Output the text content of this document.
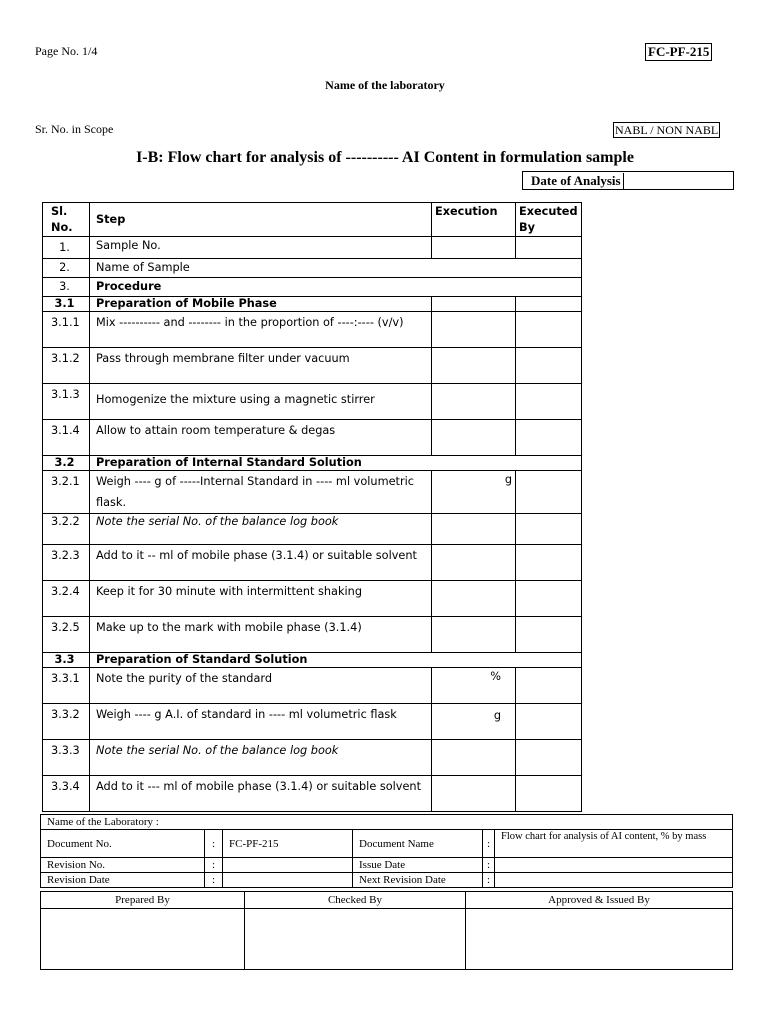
Page No. 1/4	FC-PF-215
Name of the laboratory
Sr. No. in Scope	NABL / NON NABL
I-B: Flow chart for analysis of ---------- AI Content in formulation sample
Date of Analysis
Sl. No.	Step	Execution	Executed By
1.	Sample No.		
2.	Name of Sample		
3.	Procedure		
3.1	Preparation of Mobile Phase		
3.1.1	Mix ---------- and -------- in the proportion of ----:---- (v/v)		
3.1.2	Pass through membrane filter under vacuum		
3.1.3	Homogenize the mixture using a magnetic stirrer		
3.1.4	Allow to attain room temperature & degas		
3.2	Preparation of Internal Standard Solution		
3.2.1	Weigh ---- g of -----Internal Standard in ---- ml volumetric flask.	g	
3.2.2	Note the serial No. of the balance log book		
3.2.3	Add to it -- ml of mobile phase (3.1.4) or suitable solvent		
3.2.4	Keep it for 30 minute with intermittent shaking		
3.2.5	Make up to the mark with mobile phase (3.1.4)		
3.3	Preparation of Standard Solution		
3.3.1	Note the purity of the standard	%	
3.3.2	Weigh ---- g A.I. of standard in ---- ml volumetric flask	g	
3.3.3	Note the serial No. of the balance log book		
3.3.4	Add to it --- ml of mobile phase (3.1.4) or suitable solvent		
Name of the Laboratory :					
Document No.	:	FC-PF-215	Document Name	:	Flow chart for analysis of AI content, % by mass
Revision No.	:		Issue Date	:	
Revision Date	:		Next Revision Date	:	
Prepared By	Checked By	Approved & Issued By
